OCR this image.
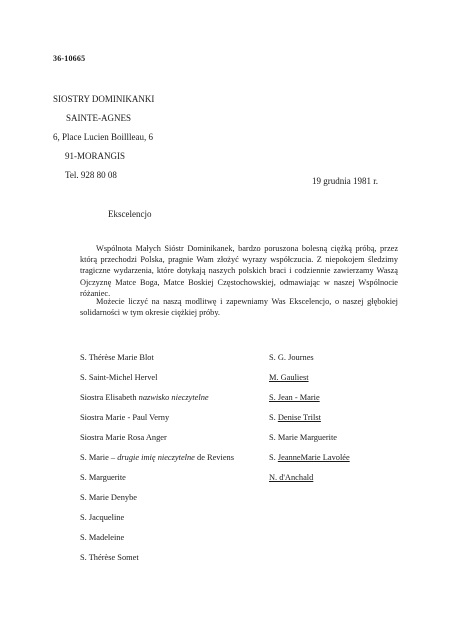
36-10665
SIOSTRY DOMINIKANKI
SAINTE-AGNES
6, Place Lucien Boillleau, 6
91-MORANGIS
Tel. 928 80 08
19 grudnia 1981 r.
Ekscelencjo
Wspólnota Małych Sióstr Dominikanek, bardzo poruszona bolesną ciężką próbą, przez którą przechodzi Polska, pragnie Wam złożyć wyrazy współczucia. Z niepokojem śledzimy tragiczne wydarzenia, które dotykają naszych polskich braci i codziennie zawierzamy Waszą Ojczyznę Matce Boga, Matce Boskiej Częstochowskiej, odmawiając w naszej Wspólnocie różaniec.
Możecie liczyć na naszą modlitwę i zapewniamy Was Ekscelencjo, o naszej głębokiej solidarności w tym okresie ciężkiej próby.
S. Thérèse Marie Blot
S. Saint-Michel Hervel
Siostra Elisabeth nazwisko nieczytelne
Siostra Marie - Paul Verny
Siostra Marie Rosa Anger
S. Marie – drugie imię nieczytelne de Reviens
S. Marguerite
S. Marie Denybe
S. Jacqueline
S. Madeleine
S. Thérèse Somet
S. G. Journes
M. Gauliest
S. Jean - Marie
S. Denise Trilst
S. Marie Marguerite
S. JeanneMarie Lavolée
N. d'Anchald
